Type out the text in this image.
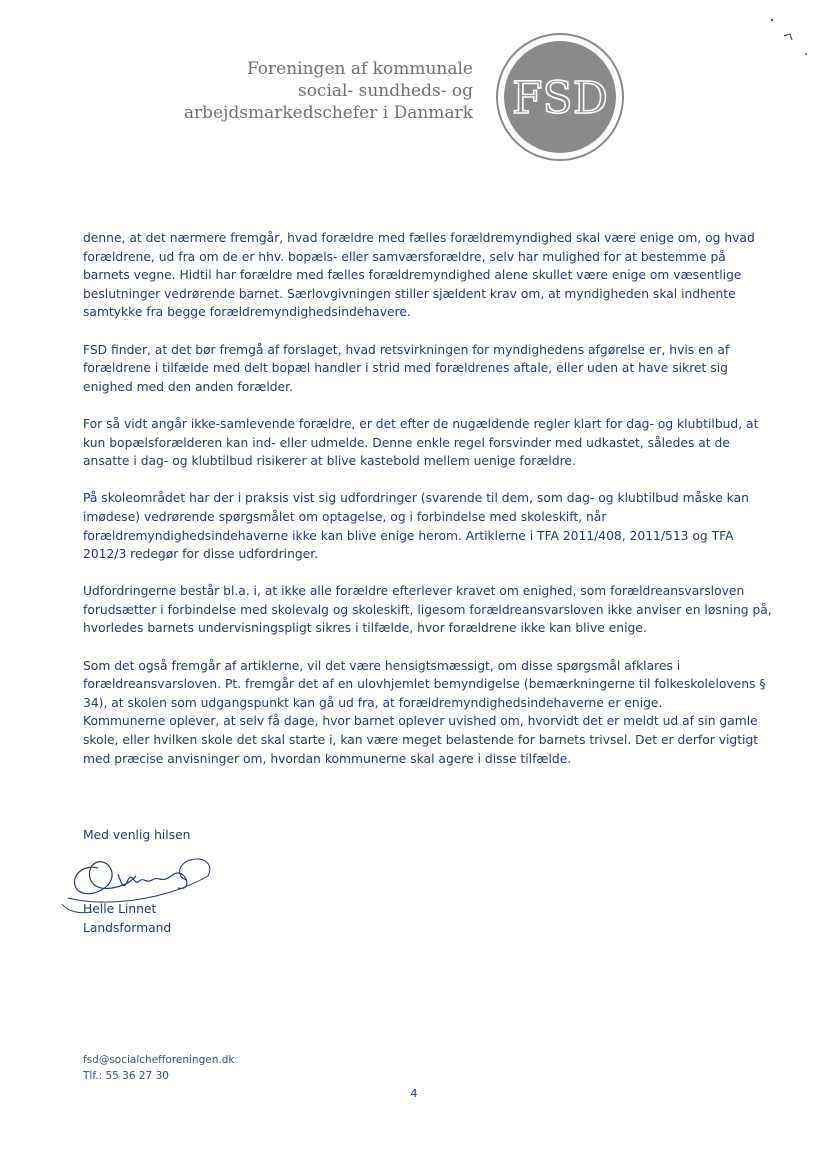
Foreningen af kommunale
social- sundheds- og
arbejdsmarkedschefer i Danmark FSD

denne, at det nærmere fremgår, hvad forældre med fælles forældremyndighed skal være enige om, og hvad forældrene, ud fra om de er hhv. bopæls- eller samværsforældre, selv har mulighed for at bestemme på barnets vegne. Hidtil har forældre med fælles forældremyndighed alene skullet være enige om væsentlige beslutninger vedrørende barnet. Særlovgivningen stiller sjældent krav om, at myndigheden skal indhente samtykke fra begge forældremyndighedsindehavere.

FSD finder, at det bør fremgå af forslaget, hvad retsvirkningen for myndighedens afgørelse er, hvis en af forældrene i tilfælde med delt bopæl handler i strid med forældrenes aftale, eller uden at have sikret sig enighed med den anden forælder.

For så vidt angår ikke-samlevende forældre, er det efter de nugældende regler klart for dag- og klubtilbud, at kun bopælsforælderen kan ind- eller udmelde. Denne enkle regel forsvinder med udkastet, således at de ansatte i dag- og klubtilbud risikerer at blive kastebold mellem uenige forældre.

På skoleområdet har der i praksis vist sig udfordringer (svarende til dem, som dag- og klubtilbud måske kan imødese) vedrørende spørgsmålet om optagelse, og i forbindelse med skoleskift, når forældremyndighedsindehaverne ikke kan blive enige herom. Artiklerne i TFA 2011/408, 2011/513 og TFA 2012/3 redegør for disse udfordringer.

Udfordringerne består bl.a. i, at ikke alle forældre efterlever kravet om enighed, som forældreansvarsloven forudsætter i forbindelse med skolevalg og skoleskift, ligesom forældreansvarsloven ikke anviser en løsning på, hvorledes barnets undervisningspligt sikres i tilfælde, hvor forældrene ikke kan blive enige.

Som det også fremgår af artiklerne, vil det være hensigtsmæssigt, om disse spørgsmål afklares i forældreansvarsloven. Pt. fremgår det af en ulovhjemlet bemyndigelse (bemærkningerne til folkeskolelovens § 34), at skolen som udgangspunkt kan gå ud fra, at forældremyndighedsindehaverne er enige.

Kommunerne oplever, at selv få dage, hvor barnet oplever uvished om, hvorvidt det er meldt ud af sin gamle skole, eller hvilken skole det skal starte i, kan være meget belastende for barnets trivsel. Det er derfor vigtigt med præcise anvisninger om, hvordan kommunerne skal agere i disse tilfælde.

Med venlig hilsen
Helle Linnet
Landsformand
fsd@socialchefforeningen.dk
Tlf.: 55 36 27 30
4
